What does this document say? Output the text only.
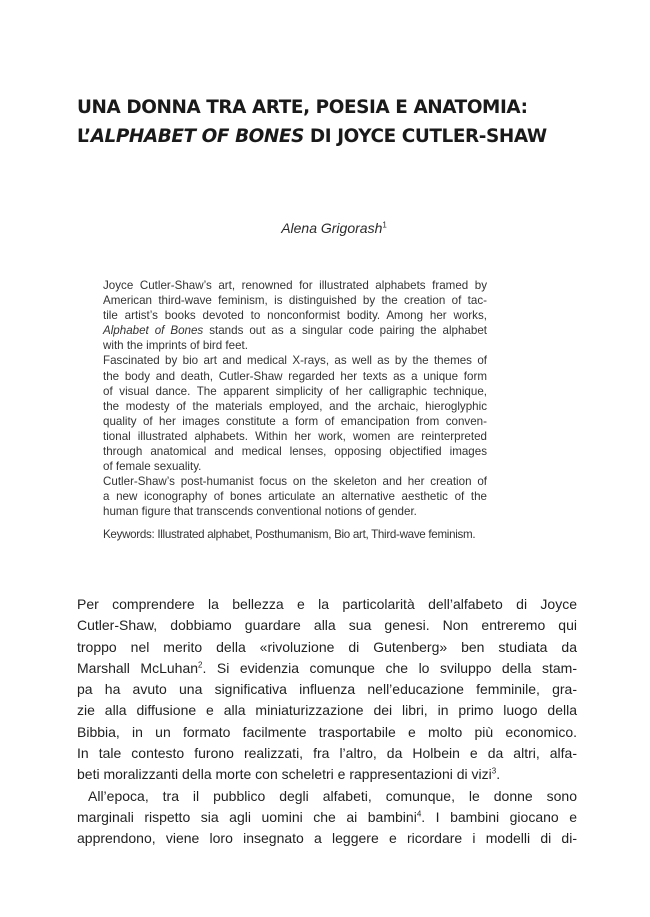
UNA DONNA TRA ARTE, POESIA E ANATOMIA:
L’ALPHABET OF BONES DI JOYCE CUTLER-SHAW
Alena Grigorash$^1$
Joyce Cutler-Shaw’s art, renowned for illustrated alphabets framed by
American third-wave feminism, is distinguished by the creation of tac-
tile artist’s books devoted to nonconformist bodity. Among her works,
Alphabet of Bones stands out as a singular code pairing the alphabet
with the imprints of bird feet.
Fascinated by bio art and medical X-rays, as well as by the themes of
the body and death, Cutler-Shaw regarded her texts as a unique form
of visual dance. The apparent simplicity of her calligraphic technique,
the modesty of the materials employed, and the archaic, hieroglyphic
quality of her images constitute a form of emancipation from conven-
tional illustrated alphabets. Within her work, women are reinterpreted
through anatomical and medical lenses, opposing objectified images
of female sexuality.
Cutler-Shaw’s post-humanist focus on the skeleton and her creation of
a new iconography of bones articulate an alternative aesthetic of the
human figure that transcends conventional notions of gender.
Keywords: Illustrated alphabet, Posthumanism, Bio art, Third-wave feminism.
Per comprendere la bellezza e la particolarità dell’alfabeto di Joyce
Cutler-Shaw, dobbiamo guardare alla sua genesi. Non entreremo qui
troppo nel merito della «rivoluzione di Gutenberg» ben studiata da
Marshall McLuhan$^2$. Si evidenzia comunque che lo sviluppo della stam-
pa ha avuto una significativa influenza nell’educazione femminile, gra-
zie alla diffusione e alla miniaturizzazione dei libri, in primo luogo della
Bibbia, in un formato facilmente trasportabile e molto più economico.
In tale contesto furono realizzati, fra l’altro, da Holbein e da altri, alfa-
beti moralizzanti della morte con scheletri e rappresentazioni di vizi$^3$.
All’epoca, tra il pubblico degli alfabeti, comunque, le donne sono
marginali rispetto sia agli uomini che ai bambini$^4$. I bambini giocano e
apprendono, viene loro insegnato a leggere e ricordare i modelli di di-
